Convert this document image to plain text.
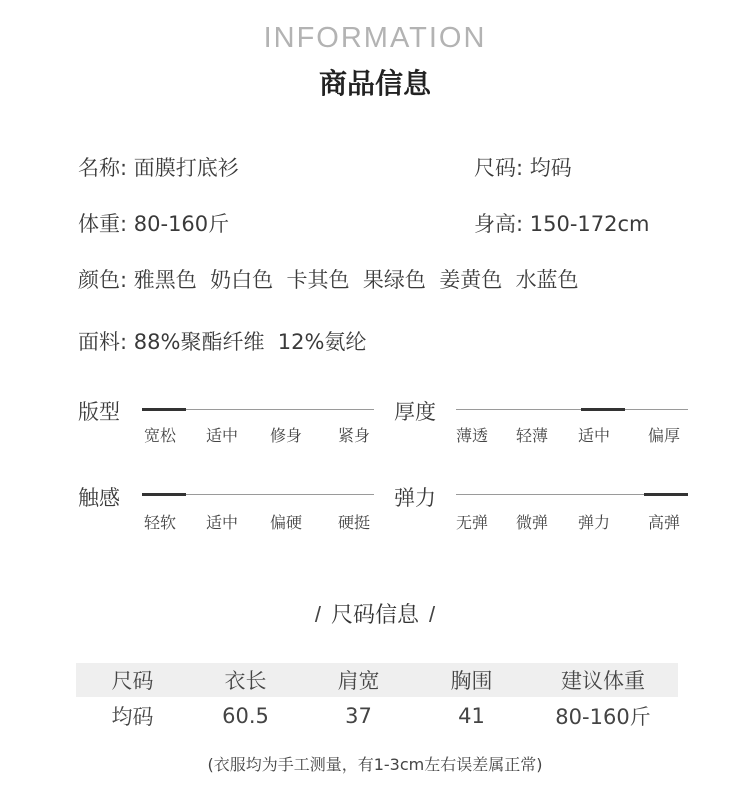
INFORMATION
商品信息
名称: 面膜打底衫	尺码: 均码
体重: 80-160斤	身高: 150-172cm
颜色: 雅黑色 奶白色 卡其色 果绿色 姜黄色 水蓝色
面料: 88%聚酯纤维  12%氨纶
版型
宽松 适中 修身 紧身
厚度
薄透 轻薄 适中 偏厚
触感
轻软 适中 偏硬 硬挺
弹力
无弹 微弹 弹力 高弹
/ 尺码信息 /
尺码	衣长	肩宽	胸围	建议体重
均码	60.5	37	41	80-160斤
(衣服均为手工测量，有1-3cm左右误差属正常)
